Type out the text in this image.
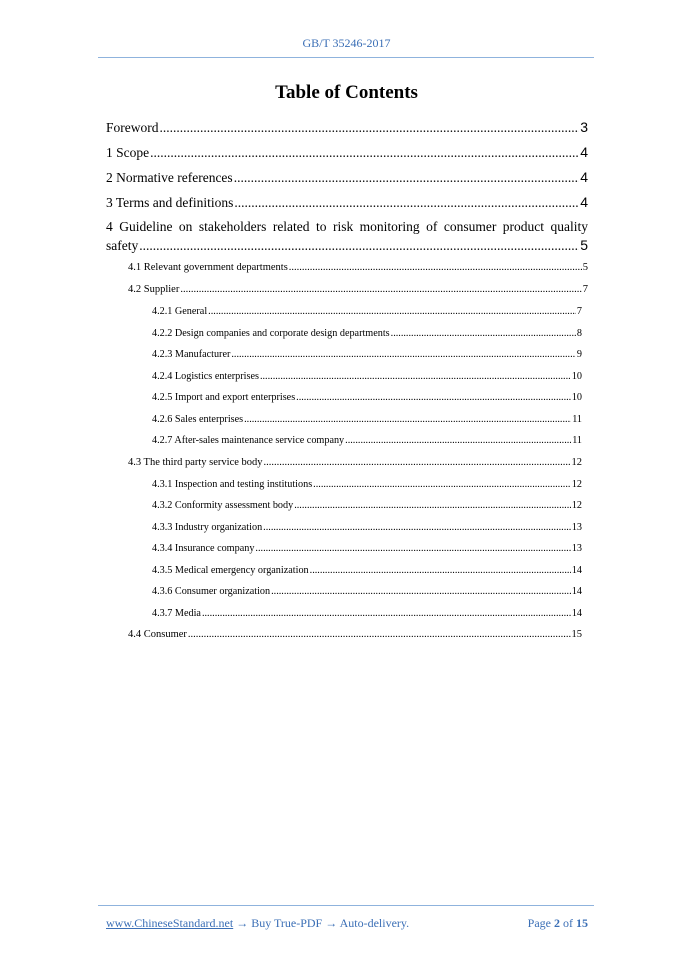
GB/T 35246-2017
Table of Contents
Foreword .....	3
1 Scope .....	4
2 Normative references .....	4
3 Terms and definitions .....	4
4 Guideline on stakeholders related to risk monitoring of consumer product quality
safety .....	5
4.1 Relevant government departments .....	5
4.2 Supplier .....	7
4.2.1 General .....	7
4.2.2 Design companies and corporate design departments .....	8
4.2.3 Manufacturer .....	9
4.2.4 Logistics enterprises .....	10
4.2.5 Import and export enterprises .....	10
4.2.6 Sales enterprises .....	11
4.2.7 After-sales maintenance service company .....	11
4.3 The third party service body .....	12
4.3.1 Inspection and testing institutions .....	12
4.3.2 Conformity assessment body .....	12
4.3.3 Industry organization .....	13
4.3.4 Insurance company .....	13
4.3.5 Medical emergency organization .....	14
4.3.6 Consumer organization .....	14
4.3.7 Media .....	14
4.4 Consumer .....	15
www.ChineseStandard.net → Buy True-PDF → Auto-delivery.	Page 2 of 15
